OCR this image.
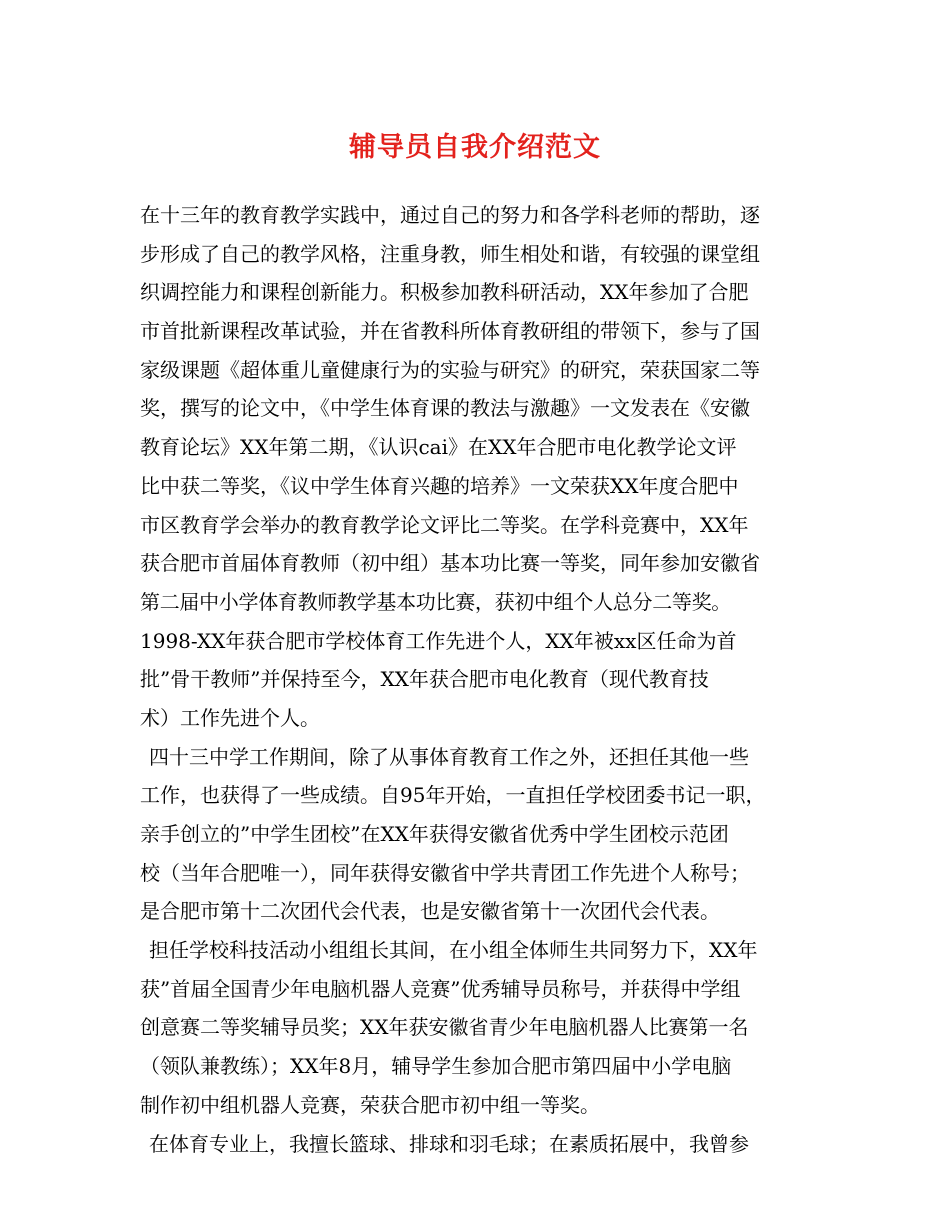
辅导员自我介绍范文
在十三年的教育教学实践中，通过自己的努力和各学科老师的帮助，逐
步形成了自己的教学风格，注重身教，师生相处和谐，有较强的课堂组
织调控能力和课程创新能力。积极参加教科研活动，XX年参加了合肥
市首批新课程改革试验，并在省教科所体育教研组的带领下，参与了国
家级课题《超体重儿童健康行为的实验与研究》的研究，荣获国家二等
奖，撰写的论文中，《中学生体育课的教法与激趣》一文发表在《安徽
教育论坛》XX年第二期，《认识cai》在XX年合肥市电化教学论文评
比中获二等奖，《议中学生体育兴趣的培养》一文荣获XX年度合肥中
市区教育学会举办的教育教学论文评比二等奖。在学科竞赛中，XX年
获合肥市首届体育教师（初中组）基本功比赛一等奖，同年参加安徽省
第二届中小学体育教师教学基本功比赛，获初中组个人总分二等奖。
1998-XX年获合肥市学校体育工作先进个人，XX年被xx区任命为首
批”骨干教师”并保持至今，XX年获合肥市电化教育（现代教育技
术）工作先进个人。
四十三中学工作期间，除了从事体育教育工作之外，还担任其他一些
工作，也获得了一些成绩。自95年开始，一直担任学校团委书记一职，
亲手创立的”中学生团校”在XX年获得安徽省优秀中学生团校示范团
校（当年合肥唯一），同年获得安徽省中学共青团工作先进个人称号；
是合肥市第十二次团代会代表，也是安徽省第十一次团代会代表。
担任学校科技活动小组组长其间，在小组全体师生共同努力下，XX年
获”首届全国青少年电脑机器人竞赛”优秀辅导员称号，并获得中学组
创意赛二等奖辅导员奖；XX年获安徽省青少年电脑机器人比赛第一名
（领队兼教练）；XX年8月，辅导学生参加合肥市第四届中小学电脑
制作初中组机器人竞赛，荣获合肥市初中组一等奖。
在体育专业上，我擅长篮球、排球和羽毛球；在素质拓展中，我曾参
